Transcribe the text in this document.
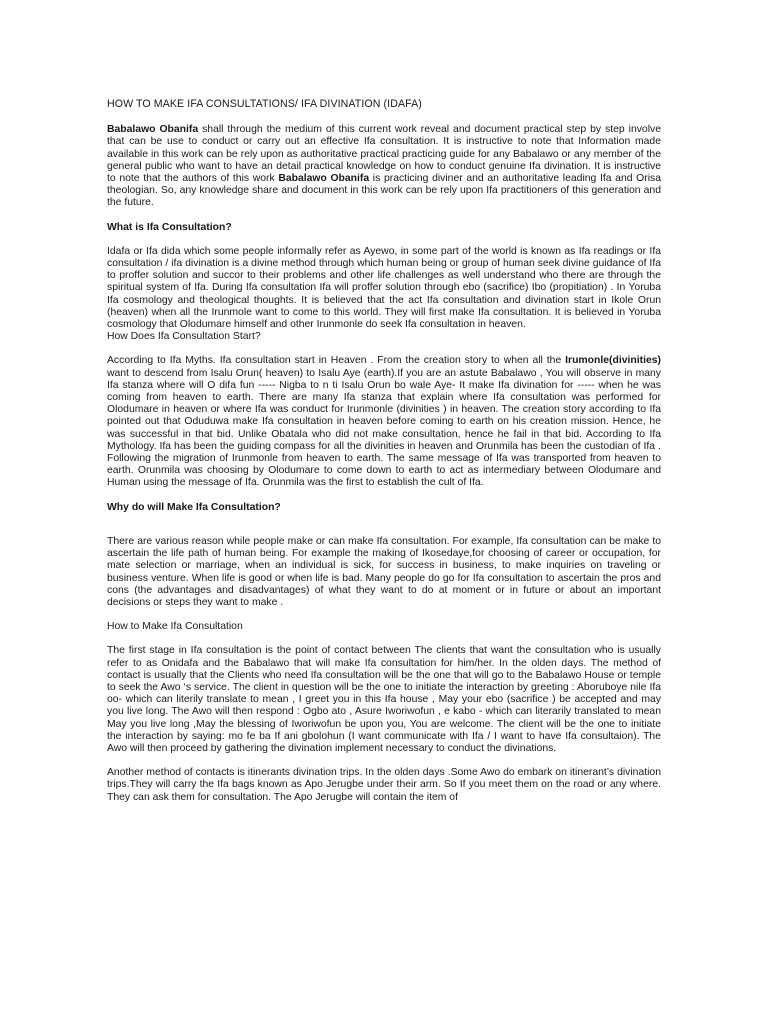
HOW TO MAKE IFA CONSULTATIONS/ IFA DIVINATION (IDAFA)

Babalawo Obanifa shall through the medium of this current work reveal and document practical step by step involve that can be use to conduct or carry out an effective Ifa consultation. It is instructive to note that Information made available in this work can be rely upon as authoritative practical practicing guide for any Babalawo or any member of the general public who want to have an detail practical knowledge on how to conduct genuine Ifa divination. It is instructive to note that the authors of this work Babalawo Obanifa is practicing diviner and an authoritative leading Ifa and Orisa theologian. So, any knowledge share and document in this work can be rely upon Ifa practitioners of this generation and the future.

What is Ifa Consultation?

Idafa or Ifa dida which some people informally refer as Ayewo, in some part of the world is known as Ifa readings or Ifa consultation / ifa divination is a divine method through which human being or group of human seek divine guidance of Ifa to proffer solution and succor to their problems and other life challenges as well understand who there are through the spiritual system of Ifa. During Ifa consultation Ifa will proffer solution through ebo (sacrifice) Ibo (propitiation) . In Yoruba Ifa cosmology and theological thoughts. It is believed that the act Ifa consultation and divination start in Ikole Orun (heaven) when all the Irunmole want to come to this world. They will first make Ifa consultation. It is believed in Yoruba cosmology that Olodumare himself and other Irunmonle do seek Ifa consultation in heaven.

How Does Ifa Consultation Start?

According to Ifa Myths. Ifa consultation start in Heaven . From the creation story to when all the Irumonle(divinities) want to descend from Isalu Orun( heaven) to Isalu Aye (earth).If you are an astute Babalawo , You will observe in many Ifa stanza where will O difa fun ----- Nigba to n ti Isalu Orun bo wale Aye- It make Ifa divination for ----- when he was coming from heaven to earth. There are many Ifa stanza that explain where Ifa consultation was performed for Olodumare in heaven or where Ifa was conduct for Irunmonle (divinities ) in heaven. The creation story according to Ifa pointed out that Oduduwa make Ifa consultation in heaven before coming to earth on his creation mission. Hence, he was successful in that bid. Unlike Obatala who did not make consultation, hence he fail in that bid. According to Ifa Mythology. Ifa has been the guiding compass for all the divinities in heaven and Orunmila has been the custodian of Ifa . Following the migration of Irunmonle from heaven to earth. The same message of Ifa was transported from heaven to earth. Orunmila was choosing by Olodumare to come down to earth to act as intermediary between Olodumare and Human using the message of Ifa. Orunmila was the first to establish the cult of Ifa.

Why do will Make Ifa Consultation?

There are various reason while people make or can make Ifa consultation. For example, Ifa consultation can be make to ascertain the life path of human being. For example the making of Ikosedaye,for choosing of career or occupation, for mate selection or marriage, when an individual is sick, for success in business, to make inquiries on traveling or business venture. When life is good or when life is bad. Many people do go for Ifa consultation to ascertain the pros and cons (the advantages and disadvantages) of what they want to do at moment or in future or about an important decisions or steps they want to make .

How to Make Ifa Consultation

The first stage in Ifa consultation is the point of contact between The clients that want the consultation who is usually refer to as Onidafa and the Babalawo that will make Ifa consultation for him/her. In the olden days. The method of contact is usually that the Clients who need Ifa consultation will be the one that will go to the Babalawo House or temple to seek the Awo ‘s service. The client in question will be the one to initiate the interaction by greeting : Aboruboye nile Ifa oo- which can literily translate to mean , I greet you in this Ifa house , May your ebo (sacrifice ) be accepted and may you live long. The Awo will then respond : Ogbo ato , Asure Iworiwofun , e kabo - which can literarily translated to mean May you live long ,May the blessing of Iworiwofun be upon you, You are welcome. The client will be the one to initiate the interaction by saying: mo fe ba If ani gbolohun (I want communicate with Ifa / I want to have Ifa consultaion). The Awo will then proceed by gathering the divination implement necessary to conduct the divinations.

Another method of contacts is itinerants divination trips. In the olden days .Some Awo do embark on itinerant’s divination trips.They will carry the Ifa bags known as Apo Jerugbe under their arm. So If you meet them on the road or any where. They can ask them for consultation. The Apo Jerugbe will contain the item of
